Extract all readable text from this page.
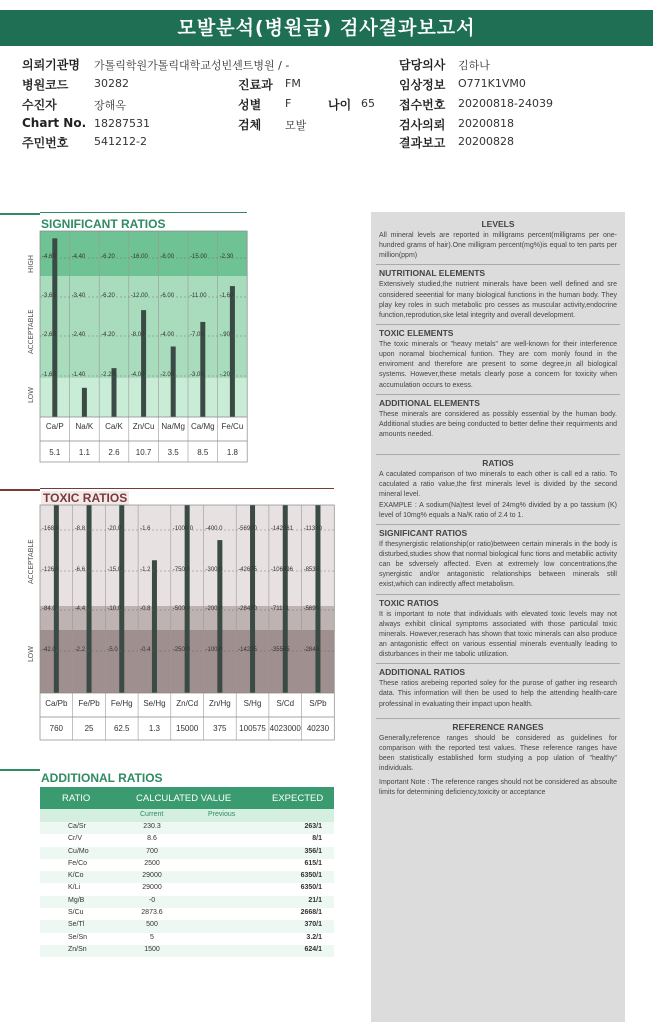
모발분석(병원급) 검사결과보고서
의뢰기관명 가톨릭학원가톨릭대학교성빈센트병원 / -
병원코드 30282
수진자	장해옥
Chart No. 18287531
주민번호 541212-2
진료과 FM
성별 F	나이 65
검체 모발
담당의사 김하나
임상정보 O771K1VM0
접수번호 20200818-24039
검사의뢰 20200818
결과보고 20200828
SIGNIFICANT RATIOS
HIGH
ACCEPTABLE
LOW
-4.60
-3.60
-2.60
-1.60
Ca/P
5.1
-4.40
-3.40
-2.40
-1.40
Na/K
1.1
-6.20
-6.20
-4.20
-2.20
Ca/K
2.6
-16.00
-12.00
-8.00
-4.00
Zn/Cu
10.7
-8.00
-6.00
-4.00
-2.00
Na/Mg
3.5
-15.00
-11.00
-7.00
-3.00
Ca/Mg
8.5
-2.30
-1.60
-.90
-.20
Fe/Cu
1.8
TOXIC RATIOS
ACCEPTABLE
LOW
-168.0
-126.0
-84.0
-42.0
Ca/Pb
760
-8.8
-6.6
-4.4
-2.2
Fe/Pb
25
-20.0
-15.0
-10.0
-5.0
Fe/Hg
62.5
-1.6
-1.2
-0.8
-0.4
Se/Hg
1.3
-1000.0
-750.0
-500.0
-250.0
Zn/Cd
15000
-400.0
-300.0
-200.0
-100.0
Zn/Hg
375
-56900
-42675
-28450
-14225
S/Hg
100575
-142261
-106696
-71131
-35565
S/Cd
4023000
-11380
-8535
-5690
-2845
S/Pb
40230
ADDITIONAL RATIOS
RATIO	CALCULATED VALUE	EXPECTED
Current	Previous
Ca/Sr	230.3	263/1
Cr/V	8.6	8/1
Cu/Mo	700	356/1
Fe/Co	2500	615/1
K/Co	29000	6350/1
K/Li	29000	6350/1
Mg/B	-0	21/1
S/Cu	2873.6	2668/1
Se/Tl	500	370/1
Se/Sn	5	3.2/1
Zn/Sn	1500	624/1
LEVELS
All mineral levels are reported in milligrams percent(milligrams per one-hundred grams of hair).One milligram percent(mg%)is equal to ten parts per million(ppm)
NUTRITIONAL ELEMENTS
Extensively studied,the nutrient minerals have been well defined and sre considered seeential for many biological functions in the human body. They play key roles in such metabolic pro cesses as muscular activity,endocrine function,reprodution,ske letal integrity and overall development.
TOXIC ELEMENTS
The toxic minerals or "heavy metals" are well-known for their interference upon noramal biochemical funtion. They are com monly found in the enviroment and therefore are present to some degree,in all biological systems. However,these metals clearly pose a concern for toxicity when accumulation occurs to exess.
ADDITIONAL ELEMENTS
These minerals are considered as possibly essential by the human body. Additional studies are being conducted to better define their requirments and amounts needed.
RATIOS
A caculated comparison of two minerals to each other is call ed a ratio. To caculated a ratio value,the first minerals level is divided by the second mineral level.
EXAMPLE : A sodium(Na)test level of 24mg% divided by a po tassium (K) level of 10mg% equals a Na/K ratio of 2.4 to 1.
SIGNIFICANT RATIOS
If thesynergistic relationship(or ratio)between certain minerals in the body is disturbed,studies show that normal biological func tions and metabilic activity can be sdversely affected. Even at extremely low concentrations,the synergistic and/or antagonistic relationships between minerals still exist,which can indirectly affect metabolism.
TOXIC RATIOS
It is important to note that individuals with elevated toxic levels may not always exhibit clinical symptoms associated with those particulal toxic minerals. However,reserach has shown that toxic minerals can also produce an antagonistic effect on various essential minerals eventually leading to disturbances in their me tabolic utilization.
ADDITIONAL RATIOS
These ratios arebeing reported soley for the purose of gather ing research data. This information will then be used to help the attending health-care professinal in evaluating their impact upon health.
REFERENCE RANGES
Generally,reference ranges should be considered as guidelines for comparison with the reported test values. These reference ranges have been statistically established form studying a pop ulation of "healthy" individuals.
Important Note : The reference ranges should not be considered as absoulte limits for determining deficiency,toxicity or acceptance
